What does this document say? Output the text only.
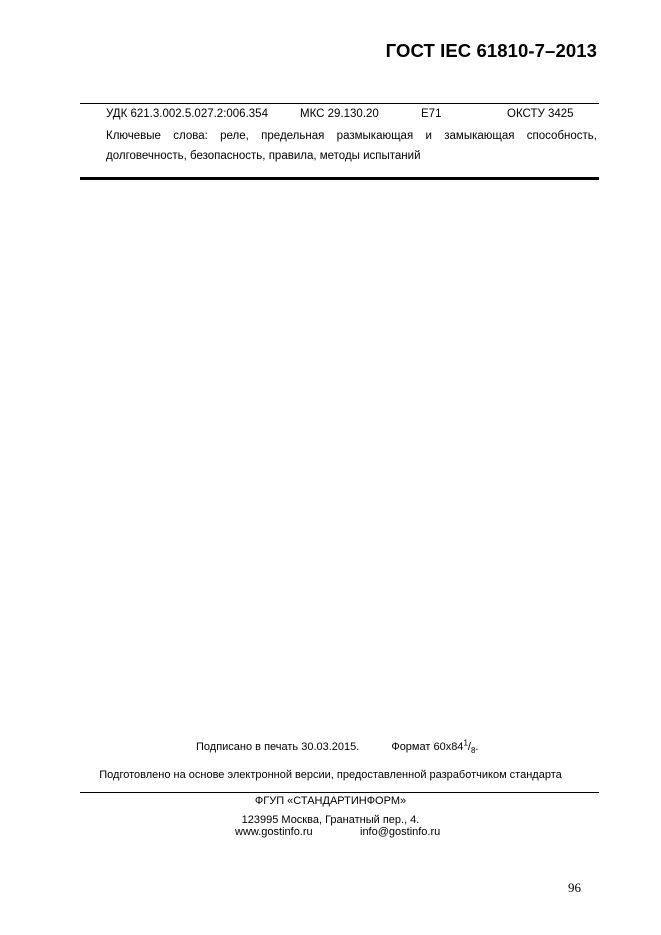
ГОСТ IEC 61810-7–2013
УДК 621.3.002.5.027.2:006.354	МКС 29.130.20	Е71	ОКСТУ 3425
Ключевые слова: реле, предельная размыкающая и замыкающая способность,
долговечность, безопасность, правила, методы испытаний
Подписано в печать 30.03.2015.	Формат $60x84^1/_8$.
Подготовлено на основе электронной версии, предоставленной разработчиком стандарта
ФГУП «СТАНДАРТИНФОРМ»
123995 Москва, Гранатный пер., 4.
www.gostinfo.ru	info@gostinfo.ru
96
